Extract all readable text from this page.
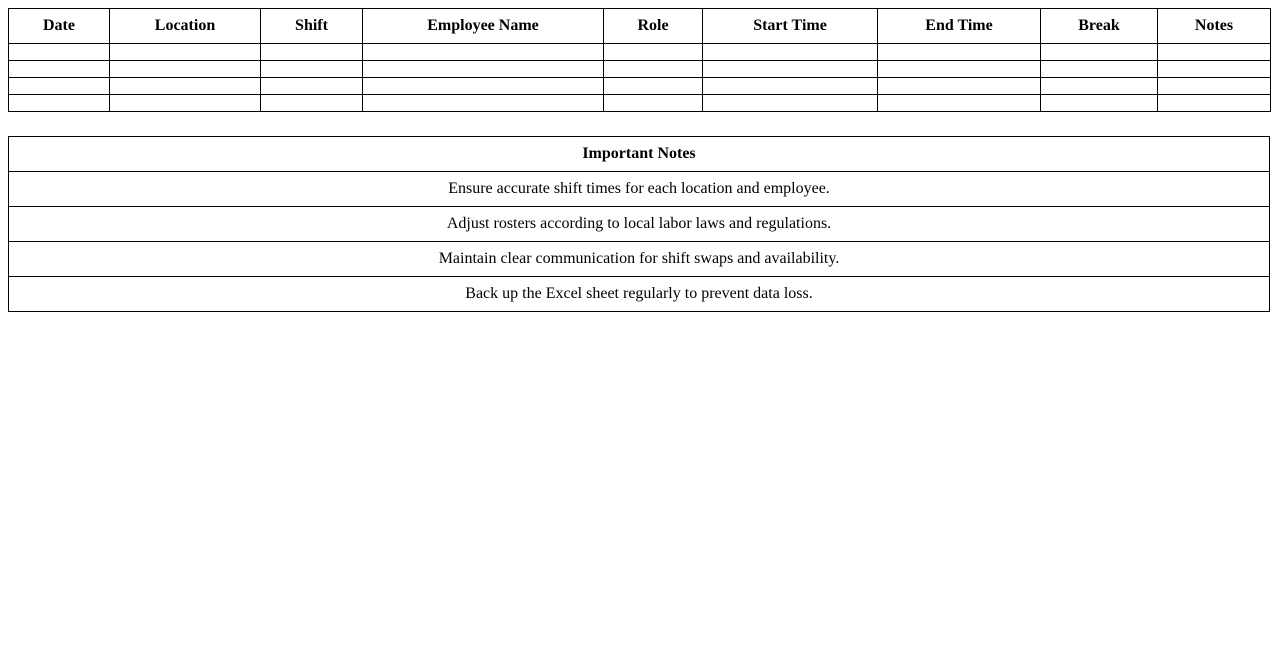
Date	Location	Shift	Employee Name	Role	Start Time	End Time	Break	Notes

Important Notes
Ensure accurate shift times for each location and employee.
Adjust rosters according to local labor laws and regulations.
Maintain clear communication for shift swaps and availability.
Back up the Excel sheet regularly to prevent data loss.
